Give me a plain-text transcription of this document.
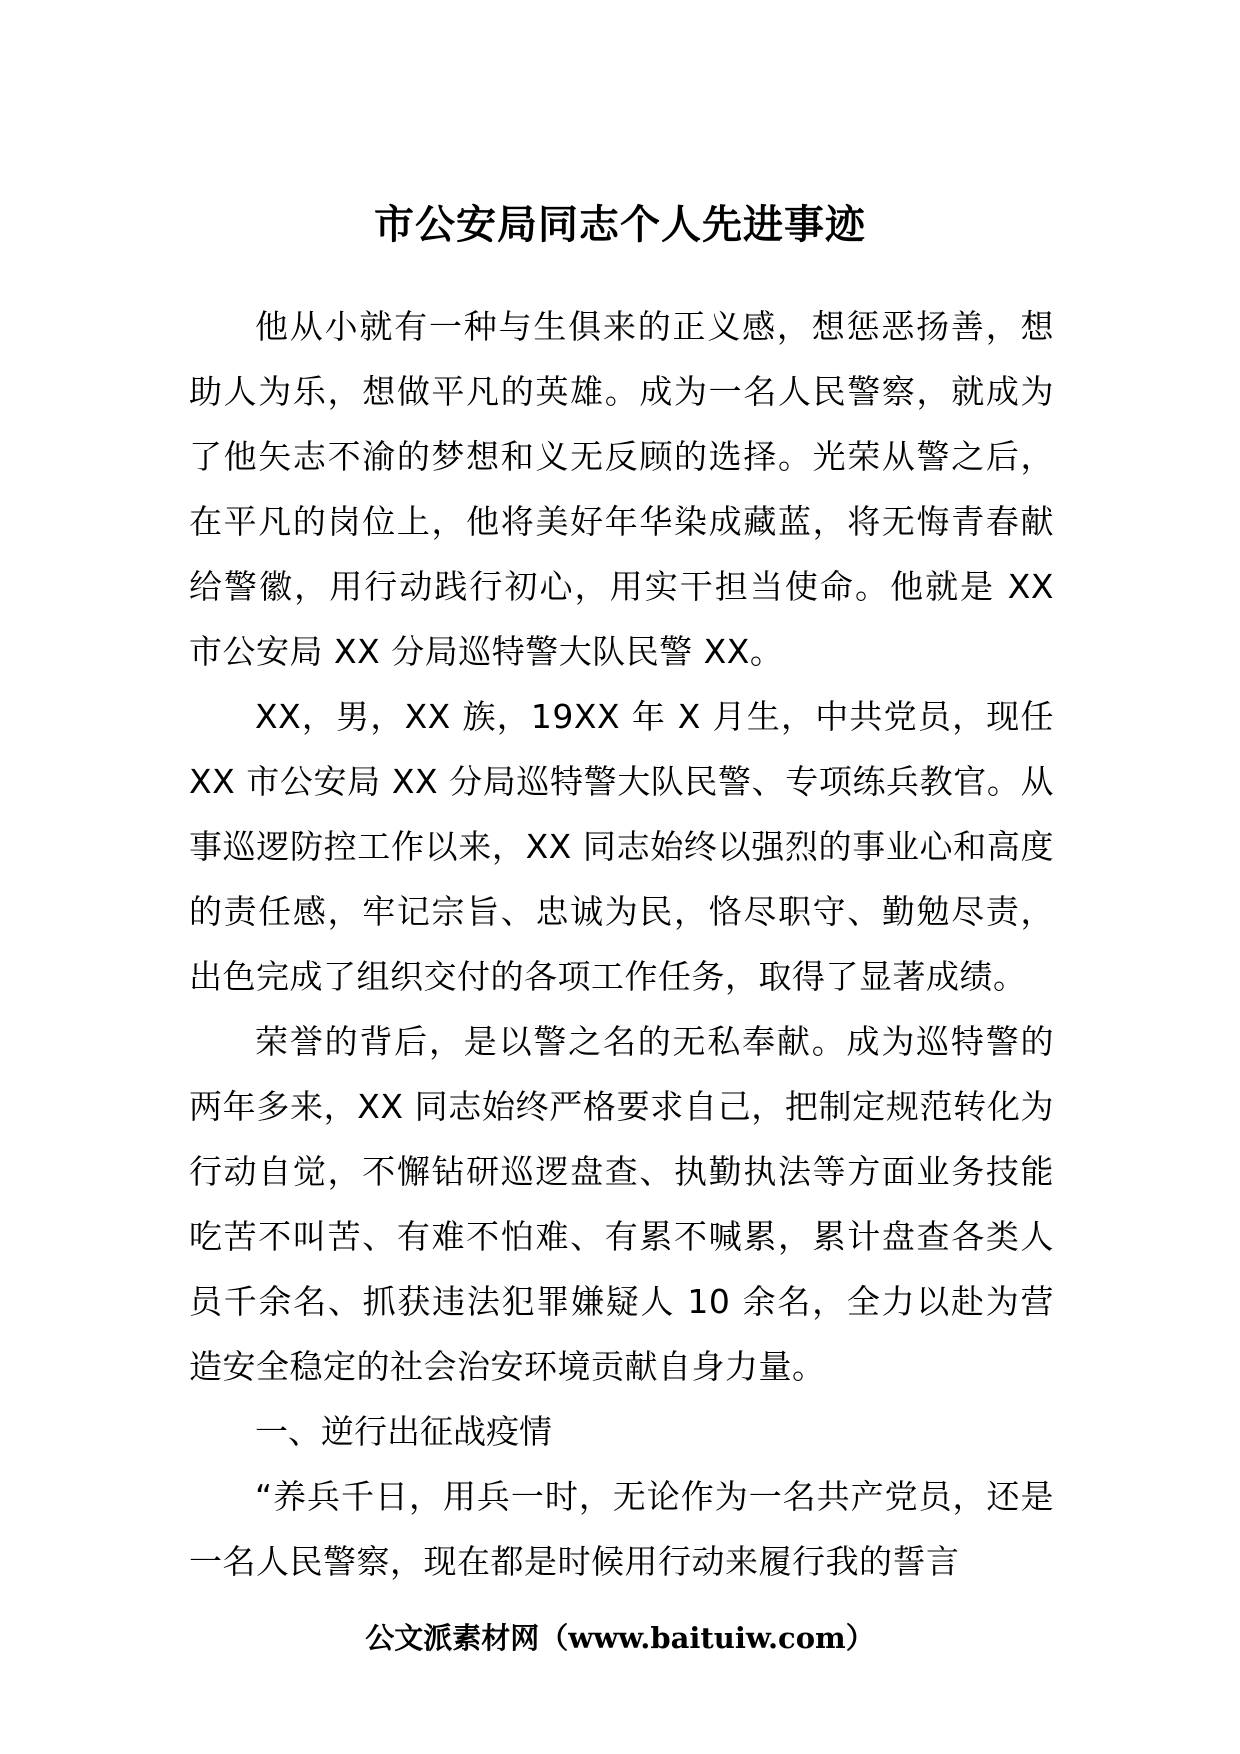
市公安局同志个人先进事迹

他从小就有一种与生俱来的正义感，想惩恶扬善，想助人为乐，想做平凡的英雄。成为一名人民警察，就成为了他矢志不渝的梦想和义无反顾的选择。光荣从警之后，在平凡的岗位上，他将美好年华染成藏蓝，将无悔青春献给警徽，用行动践行初心，用实干担当使命。他就是 XX 市公安局 XX 分局巡特警大队民警 XX。

XX，男，XX 族，19XX 年 X 月生，中共党员，现任 XX 市公安局 XX 分局巡特警大队民警、专项练兵教官。从事巡逻防控工作以来，XX 同志始终以强烈的事业心和高度的责任感，牢记宗旨、忠诚为民，恪尽职守、勤勉尽责，出色完成了组织交付的各项工作任务，取得了显著成绩。

荣誉的背后，是以警之名的无私奉献。成为巡特警的两年多来，XX 同志始终严格要求自己，把制定规范转化为行动自觉，不懈钻研巡逻盘查、执勤执法等方面业务技能吃苦不叫苦、有难不怕难、有累不喊累，累计盘查各类人员千余名、抓获违法犯罪嫌疑人 10 余名，全力以赴为营造安全稳定的社会治安环境贡献自身力量。

一、逆行出征战疫情

“养兵千日，用兵一时，无论作为一名共产党员，还是一名人民警察，现在都是时候用行动来履行我的誓言

公文派素材网（www.baituiw.com）
